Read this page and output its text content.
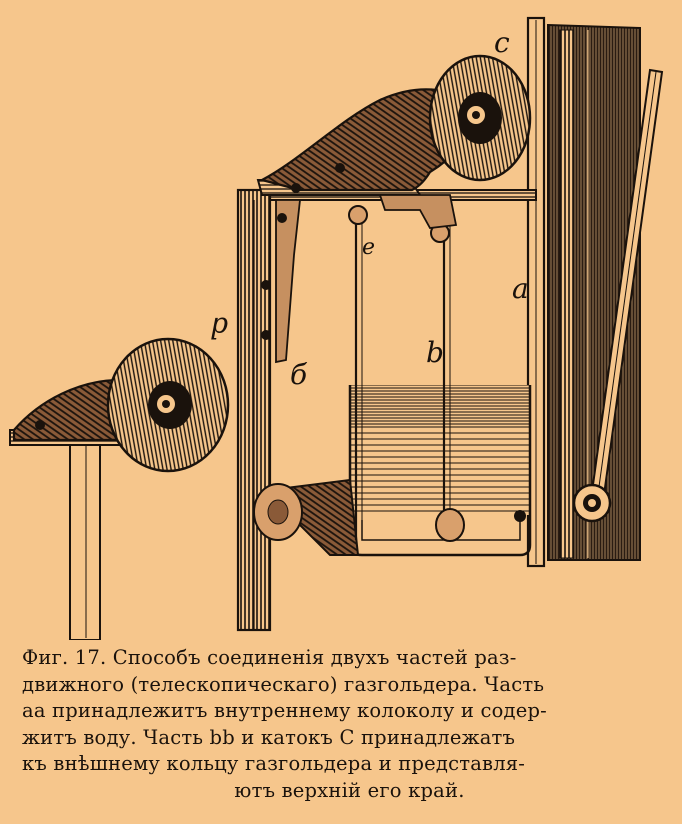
c
a
b
б
d
e
Фиг. 17. Способъ соединенія двухъ частей раз-
движного (телескопическаго) газгольдера. Часть
aa принадлежитъ внутреннему колоколу и содер-
житъ воду. Часть bb и катокъ C принадлежатъ
къ внѣшнему кольцу газгольдера и представля-
ютъ верхній его край.
